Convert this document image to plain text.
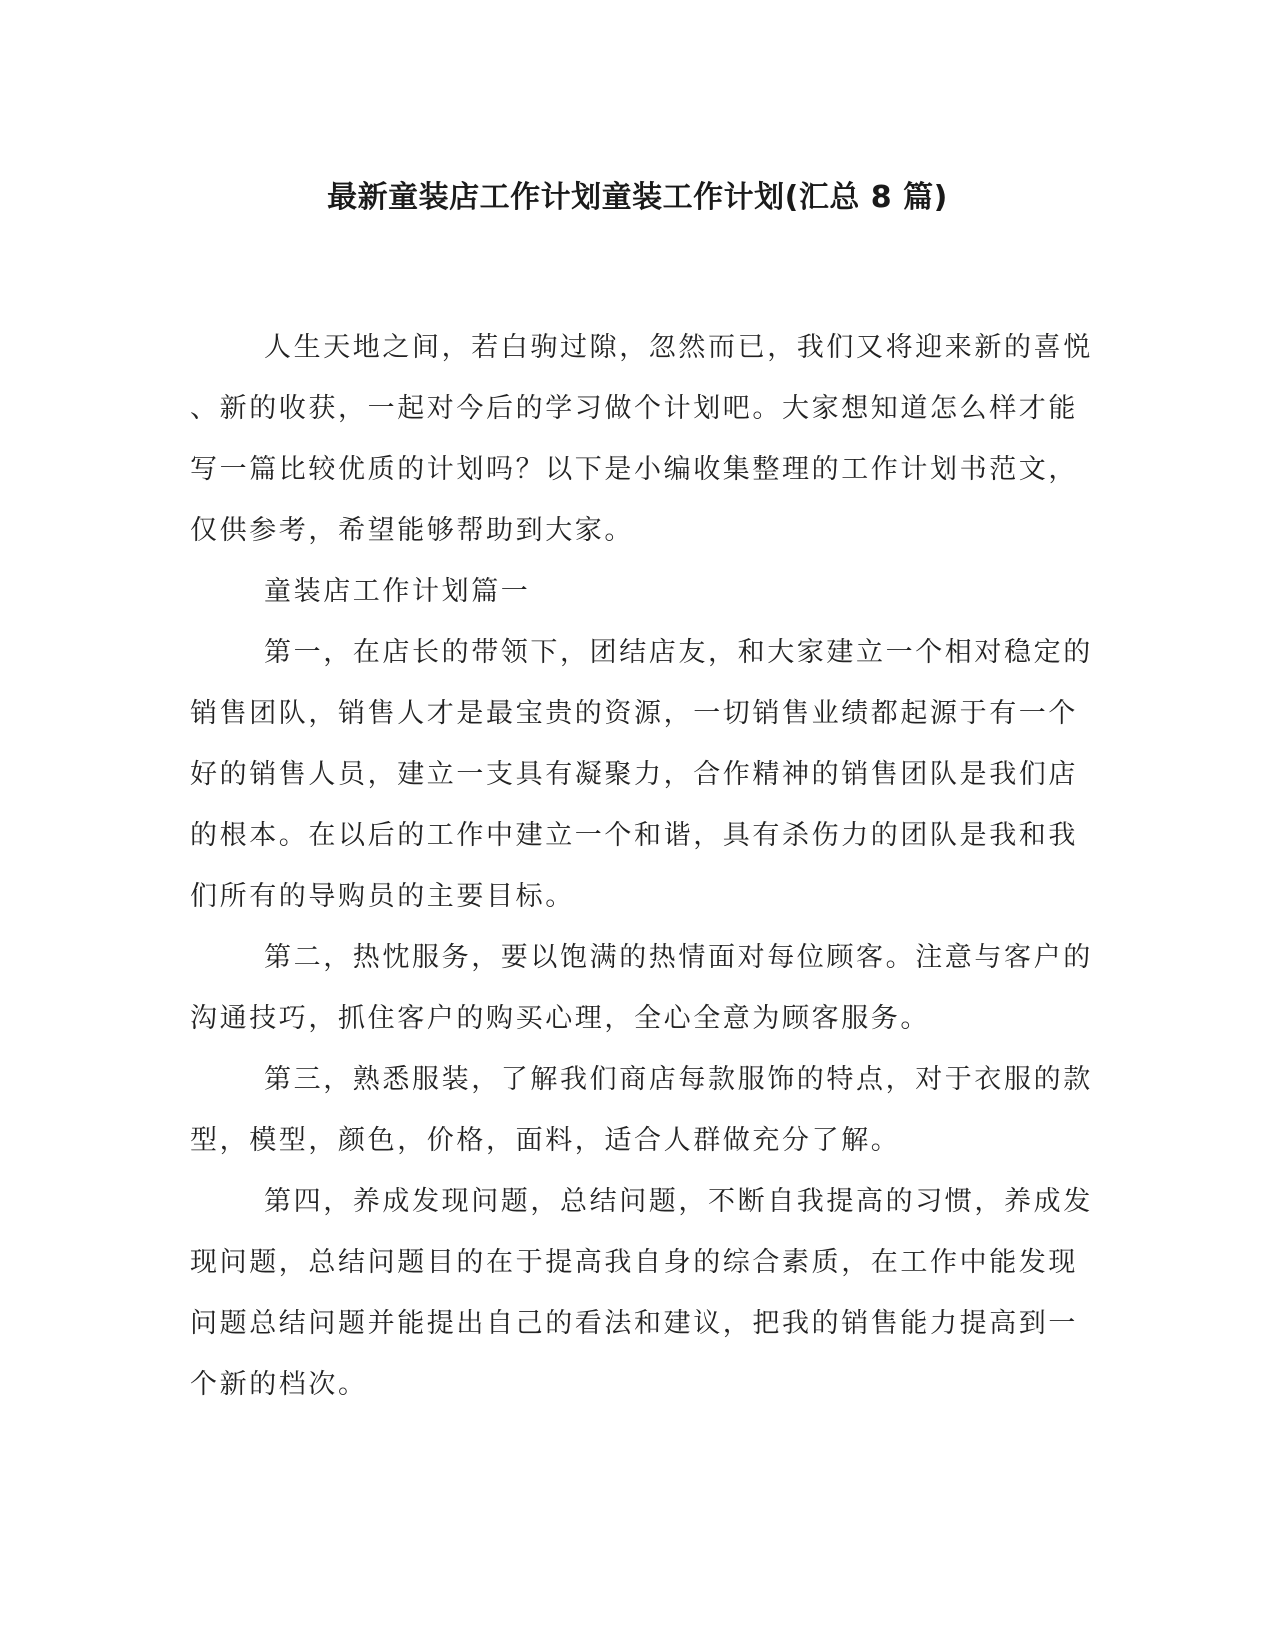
最新童装店工作计划童装工作计划(汇总 8 篇)
人生天地之间，若白驹过隙，忽然而已，我们又将迎来新的喜悦
、新的收获，一起对今后的学习做个计划吧。大家想知道怎么样才能
写一篇比较优质的计划吗？以下是小编收集整理的工作计划书范文，
仅供参考，希望能够帮助到大家。
童装店工作计划篇一
第一，在店长的带领下，团结店友，和大家建立一个相对稳定的
销售团队，销售人才是最宝贵的资源，一切销售业绩都起源于有一个
好的销售人员，建立一支具有凝聚力，合作精神的销售团队是我们店
的根本。在以后的工作中建立一个和谐，具有杀伤力的团队是我和我
们所有的导购员的主要目标。
第二，热忱服务，要以饱满的热情面对每位顾客。注意与客户的
沟通技巧，抓住客户的购买心理，全心全意为顾客服务。
第三，熟悉服装，了解我们商店每款服饰的特点，对于衣服的款
型，模型，颜色，价格，面料，适合人群做充分了解。
第四，养成发现问题，总结问题，不断自我提高的习惯，养成发
现问题，总结问题目的在于提高我自身的综合素质，在工作中能发现
问题总结问题并能提出自己的看法和建议，把我的销售能力提高到一
个新的档次。
